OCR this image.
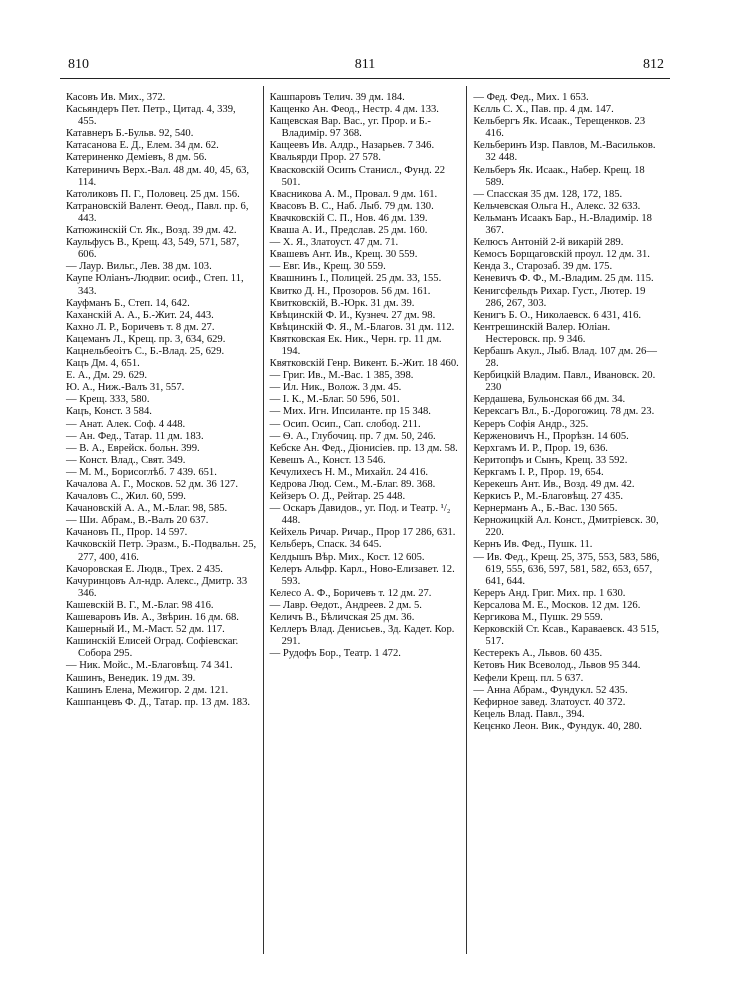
810	811	812

Касовъ Ив. Мих., 372.

Касьяндеръ Пет. Петр., Цитад. 4, 339, 455.

Катавнеръ Б.-Бульв. 92, 540.

Катасанова Е. Д., Елем. 34 дм. 62.

Катериненко Деміевъ, 8 дм. 56.

Катериничъ Верх.-Вал. 48 дм. 40, 45, 63, 114.

Католиковъ П. Г., Половец. 25 дм. 156.

Катрановскій Валент. Өеод., Павл. пр. 6, 443.

Катюжинскій Ст. Як., Возд. 39 дм. 42.

Каульфусъ В., Крещ. 43, 549, 571, 587, 606.

— Лаур. Вильг., Лев. 38 дм. 103.

Каупе Юліанъ-Людвиг. осиф., Степ. 11, 343.

Кауфманъ Б., Степ. 14, 642.

Каханскій А. А., Б.-Жит. 24, 443.

Кахно Л. Р., Боричевъ т. 8 дм. 27.

Кацеманъ Л., Крещ. пр. 3, 634, 629.

Кацнельбеоітъ С., Б.-Влад. 25, 629.

Кацъ Дм. 4, 651.

Е. А., Дм. 29. 629.

Ю. А., Ниж.-Валъ 31, 557.

— Крещ. 333, 580.

Кацъ, Конст. 3 584.

— Анат. Алек. Соф. 4 448.

— Ан. Фед., Татар. 11 дм. 183.

— В. А., Еврейск. больн. 399.

— Конст. Влад., Свят. 349.

— М. М., Борисоглѣб. 7 439. 651.

Качалова А. Г., Москов. 52 дм. 36 127.

Качаловъ С., Жил. 60, 599.

Качановскій А. А., М.-Благ. 98, 585.

— Ши. Абрам., В.-Валъ 20 637.

Качановъ П., Прор. 14 597.

Качковскій Петр. Эразм., Б.-Подвальн. 25, 277, 400, 416.

Качоровская Е. Людв., Трех. 2 435.

Качуринцовъ Ал-ндр. Алекс., Дмитр. 33 346.

Кашевскій В. Г., М.-Благ. 98 416.

Кашеваровъ Ив. А., Звѣрин. 16 дм. 68.

Кашерный И., М.-Маст. 52 дм. 117.

Кашинскій Елисей Оград. Софіевскаг. Собора 295.

— Ник. Мойс., М.-Благовѣщ. 74 341.

Кашинъ, Венедик. 19 дм. 39.

Кашинъ Елена, Межигор. 2 дм. 121.

Кашпанцевъ Ф. Д., Татар. пр. 13 дм. 183.

Кашпаровъ Телич. 39 дм. 184.

Кащенко Ан. Феод., Нестр. 4 дм. 133.

Кащевская Вар. Вас., уг. Прор. и Б.-Владимір. 97 368.

Кащеевъ Ив. Алдр., Назарьев. 7 346.

Квальярди Прор. 27 578.

Квасковскій Осипъ Станисл., Фунд. 22 501.

Квасникова А. М., Провал. 9 дм. 161.

Квасовъ В. С., Наб. Лыб. 79 дм. 130.

Квачковскій С. П., Нов. 46 дм. 139.

Кваша А. И., Предслав. 25 дм. 160.

— Х. Я., Златоуст. 47 дм. 71.

Квашевъ Ант. Ив., Крещ. 30 559.

— Евг. Ив., Крещ. 30 559.

Квашнинъ I., Полицей. 25 дм. 33, 155.

Квитко Д. Н., Прозоров. 56 дм. 161.

Квитковскій, В.-Юрк. 31 дм. 39.

Квѣцинскій Ф. И., Кузнеч. 27 дм. 98.

Квѣцинскій Ф. Я., М.-Благов. 31 дм. 112.

Квятковская Ек. Ник., Черн. гр. 11 дм. 194.

Квятковскій Генр. Викент. Б.-Жит. 18 460.

— Григ. Ив., М.-Вас. 1 385, 398.

— Ил. Ник., Волож. 3 дм. 45.

— I. К., М.-Благ. 50 596, 501.

— Мих. Игн. Ипсиланте. пр 15 348.

— Осип. Осип., Сап. слобод. 211.

— Ѳ. А., Глубочиц. пр. 7 дм. 50, 246.

Кебске Ан. Фед., Діонисіев. пр. 13 дм. 58.

Кевешъ А., Конст. 13 546.

Кечулихесъ Н. М., Михайл. 24 416.

Кедрова Люд. Сем., М.-Благ. 89. 368.

Кейзеръ О. Д., Рейтар. 25 448.

— Оскаръ Давидов., уг. Под. и Театр. ¹/₂ 448.

Кейхель Ричар. Ричар., Прор 17 286, 631.

Кельберъ, Спаск. 34 645.

Келдышъ Вѣр. Мих., Кост. 12 605.

Келеръ Альфр. Карл., Ново-Елизавет. 12. 593.

Келесо А. Ф., Боричевъ т. 12 дм. 27.

— Лавр. Өедот., Андреев. 2 дм. 5.

Келичъ В., Бѣличская 25 дм. 36.

Келлеръ Влад. Денисьев., Зд. Кадет. Кор. 291.

— Рудофъ Бор., Театр. 1 472.

— Фед. Фед., Мих. 1 653.

Кєлль С. Х., Пав. пр. 4 дм. 147.

Кельбергъ Як. Исаак., Терещенков. 23 416.

Кельберинъ Изр. Павлов, М.-Васильков. 32 448.

Кельберъ Як. Исаак., Набер. Крещ. 18 589.

— Спасская 35 дм. 128, 172, 185.

Кельчевская Ольга Н., Алекс. 32 633.

Кельманъ Исаакъ Бар., Н.-Владимір. 18 367.

Келюсъ Антоній 2-й викарій 289.

Кемосъ Борщаговскій проул. 12 дм. 31.

Кенда З., Старозаб. 39 дм. 175.

Кеневичъ Ф. Ф., М.-Владим. 25 дм. 115.

Кенигсфельдъ Рихар. Густ., Лютер. 19 286, 267, 303.

Кенигъ Б. О., Николаевск. 6 431, 416.

Кентрешинскій Валер. Юліан. Нестеровск. пр. 9 346.

Кербашъ Акул., Лыб. Влад. 107 дм. 26—28.

Кербицкій Владим. Павл., Ивановск. 20. 230

Кердашева, Бульонская 66 дм. 34.

Керексагъ Вл., Б.-Дорогожиц. 78 дм. 23.

Кереръ Софія Андр., 325.

Керженовичъ Н., Прорѣзн. 14 605.

Керхгамъ И. Р., Прор. 19, 636.

Керитопфъ и Сынъ, Крещ. 33 592.

Керкгамъ I. Р., Прор. 19, 654.

Керекешъ Ант. Ив., Возд. 49 дм. 42.

Керкисъ Р., М.-Благовѣщ. 27 435.

Кернерманъ А., Б.-Вас. 130 565.

Керножицкій Ал. Конст., Дмитріевск. 30, 220.

Кернъ Ив. Фед., Пушк. 11.

— Ив. Фед., Крещ. 25, 375, 553, 583, 586, 619, 555, 636, 597, 581, 582, 653, 657, 641, 644.

Кереръ Анд. Григ. Мих. пр. 1 630.

Керсалова М. Е., Москов. 12 дм. 126.

Кергикова М., Пушк. 29 559.

Керковскій Ст. Ксав., Караваевск. 43 515, 517.

Кестерекъ А., Львов. 60 435.

Кетовъ Ник Всеволод., Львов 95 344.

Кефели Крещ. пл. 5 637.

— Анна Абрам., Фундукл. 52 435.

Кефирное завед. Златоуст. 40 372.

Кецель Влад. Павл., 394.

Кецєнко Леон. Вик., Фундук. 40, 280.
